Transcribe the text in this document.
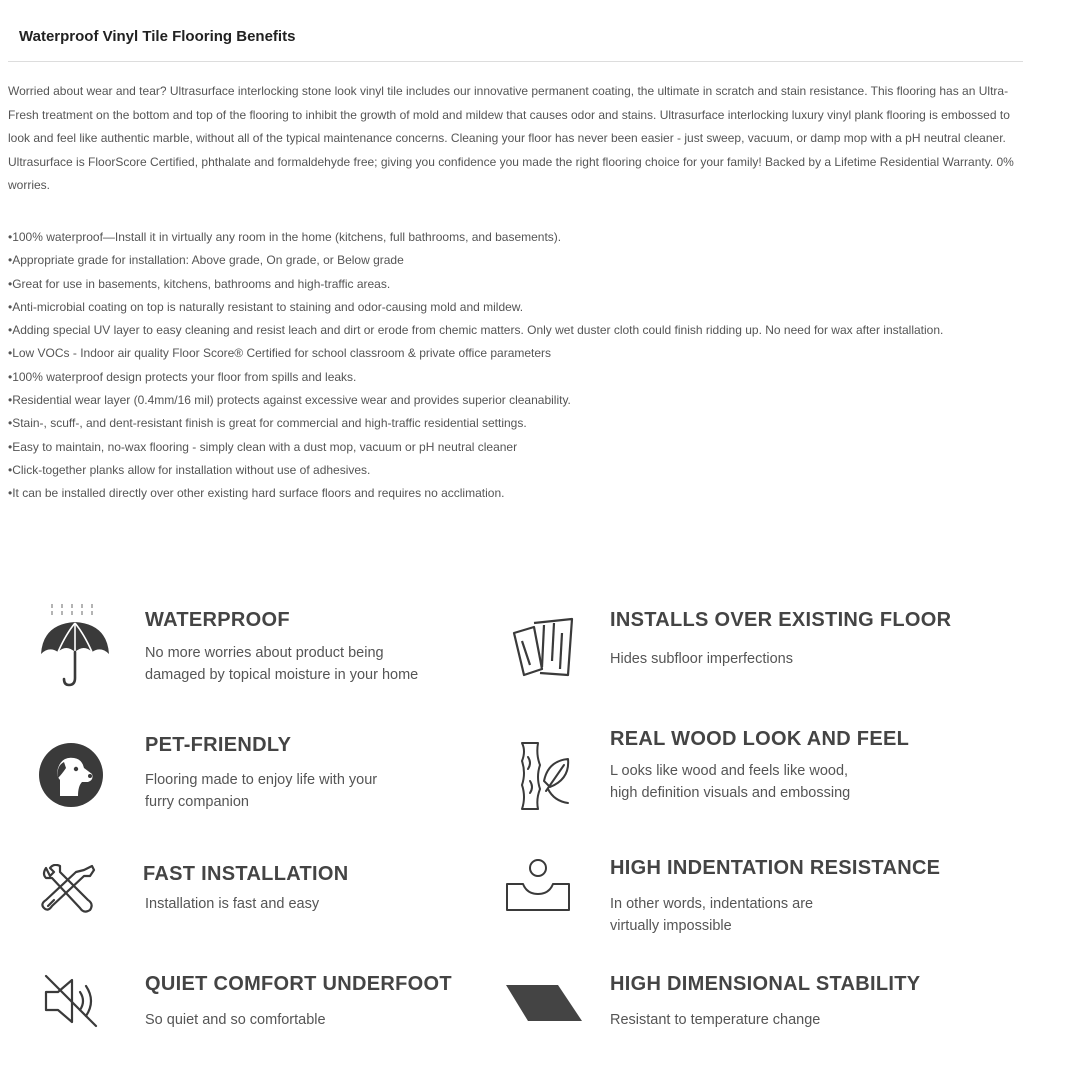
Waterproof Vinyl Tile Flooring Benefits
Worried about wear and tear? Ultrasurface interlocking stone look vinyl tile includes our innovative permanent coating, the ultimate in scratch and stain resistance. This flooring has an Ultra-Fresh treatment on the bottom and top of the flooring to inhibit the growth of mold and mildew that causes odor and stains. Ultrasurface interlocking luxury vinyl plank flooring is embossed to look and feel like authentic marble, without all of the typical maintenance concerns. Cleaning your floor has never been easier - just sweep, vacuum, or damp mop with a pH neutral cleaner. Ultrasurface is FloorScore Certified, phthalate and formaldehyde free; giving you confidence you made the right flooring choice for your family! Backed by a Lifetime Residential Warranty. 0% worries.
•100% waterproof—Install it in virtually any room in the home (kitchens, full bathrooms, and basements).
•Appropriate grade for installation: Above grade, On grade, or Below grade
•Great for use in basements, kitchens, bathrooms and high-traffic areas.
•Anti-microbial coating on top is naturally resistant to staining and odor-causing mold and mildew.
•Adding special UV layer to easy cleaning and resist leach and dirt or erode from chemic matters. Only wet duster cloth could finish ridding up. No need for wax after installation.
•Low VOCs - Indoor air quality Floor Score® Certified for school classroom & private office parameters
•100% waterproof design protects your floor from spills and leaks.
•Residential wear layer (0.4mm/16 mil) protects against excessive wear and provides superior cleanability.
•Stain-, scuff-, and dent-resistant finish is great for commercial and high-traffic residential settings.
•Easy to maintain, no-wax flooring - simply clean with a dust mop, vacuum or pH neutral cleaner
•Click-together planks allow for installation without use of adhesives.
•It can be installed directly over other existing hard surface floors and requires no acclimation.
WATERPROOF
No more worries about product being
damaged by topical moisture in your home
INSTALLS OVER EXISTING FLOOR
Hides subfloor imperfections
PET-FRIENDLY
Flooring made to enjoy life with your
furry companion
REAL WOOD LOOK AND FEEL
L ooks like wood and feels like wood,
high definition visuals and embossing
FAST INSTALLATION
Installation is fast and easy
HIGH INDENTATION RESISTANCE
In other words, indentations are
virtually impossible
QUIET COMFORT UNDERFOOT
So quiet and so comfortable
HIGH DIMENSIONAL STABILITY
Resistant to temperature change
